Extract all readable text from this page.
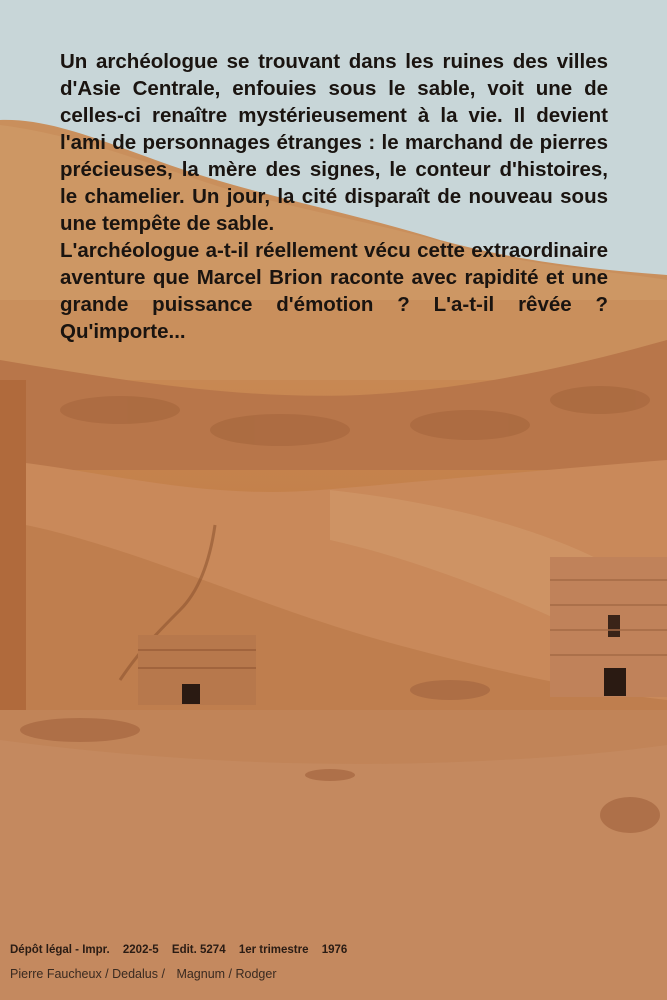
Un archéologue se trouvant dans les ruines des villes d'Asie Centrale, enfouies sous le sable, voit une de celles-ci renaître mystérieusement à la vie. Il devient l'ami de personnages étranges : le marchand de pierres précieuses, la mère des signes, le conteur d'histoires, le chamelier. Un jour, la cité disparaît de nouveau sous une tempête de sable.

L'archéologue a-t-il réellement vécu cette extraordinaire aventure que Marcel Brion raconte avec rapidité et une grande puissance d'émotion ? L'a-t-il rêvée ? Qu'importe...

Dépôt légal - Impr. 2202-5 Edit. 5274 1er trimestre 1976
Pierre Faucheux / Dedalus / Magnum / Rodger
